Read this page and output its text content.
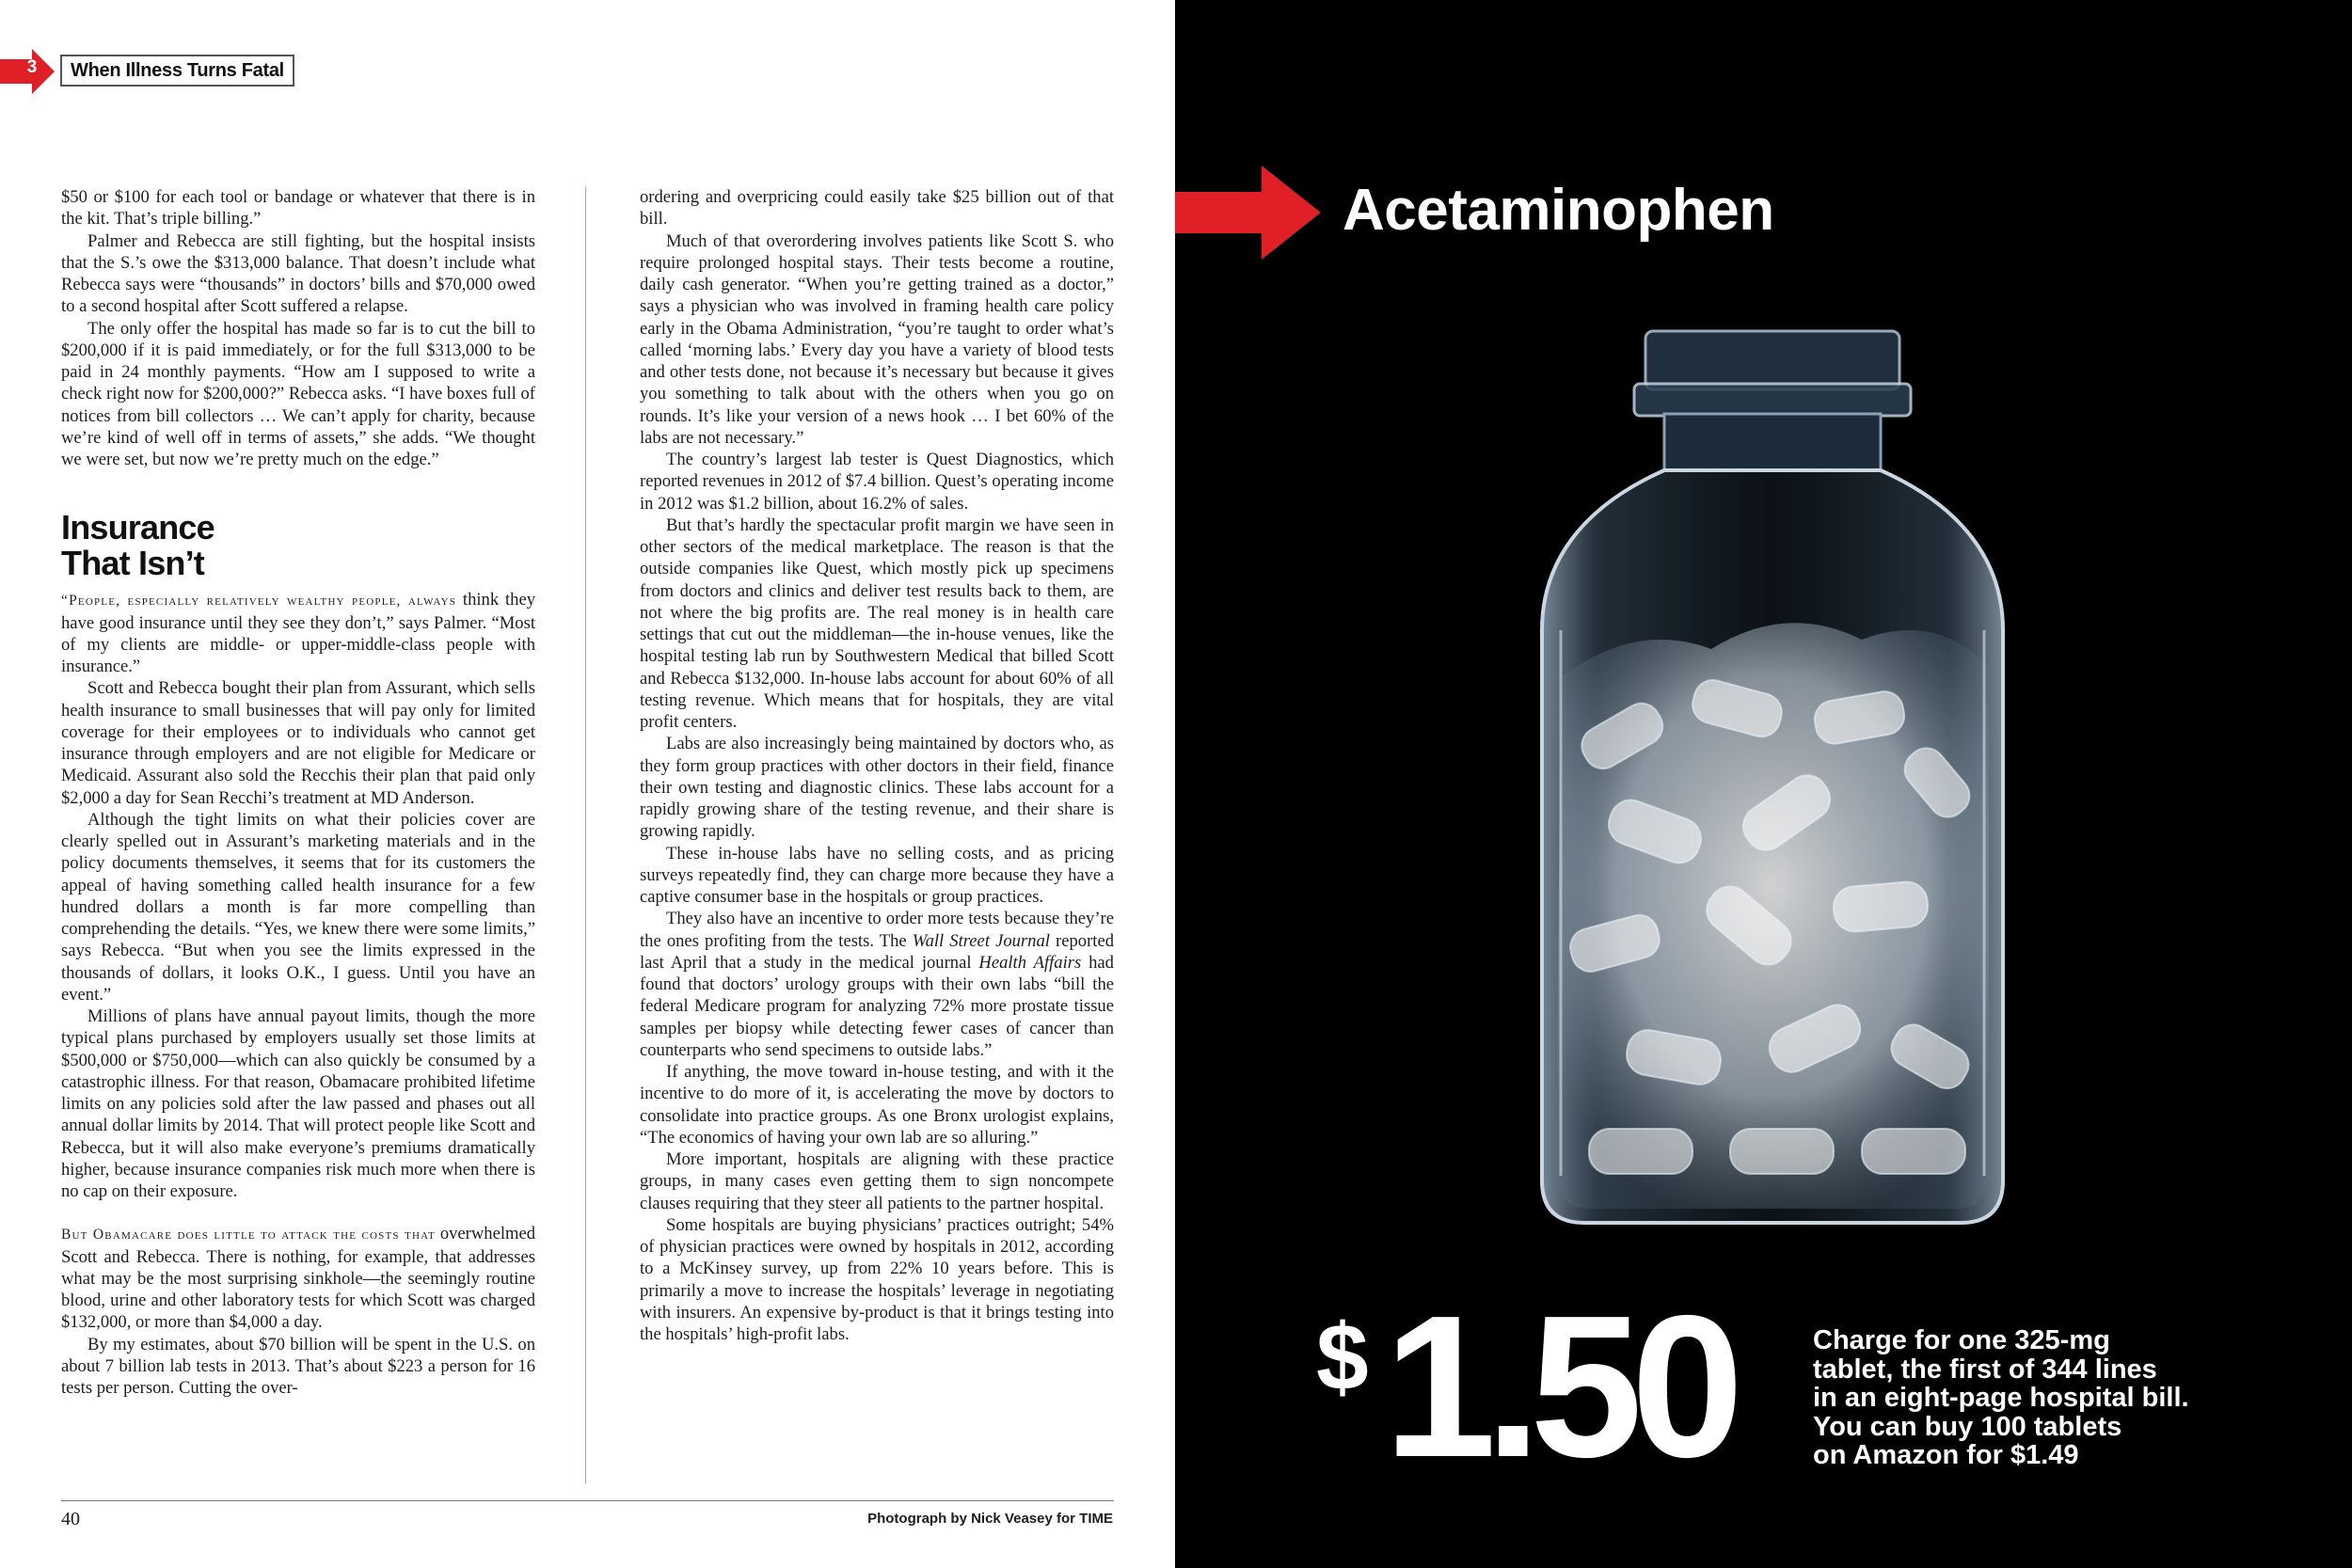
3	When Illness Turns Fatal

$50 or $100 for each tool or bandage or whatever that there is in the kit. That’s triple billing.”

Palmer and Rebecca are still fighting, but the hospital insists that the S.’s owe the $313,000 balance. That doesn’t include what Rebecca says were “thousands” in doctors’ bills and $70,000 owed to a second hospital after Scott suffered a relapse.

The only offer the hospital has made so far is to cut the bill to $200,000 if it is paid immediately, or for the full $313,000 to be paid in 24 monthly payments. “How am I supposed to write a check right now for $200,000?” Rebecca asks. “I have boxes full of notices from bill collectors … We can’t apply for charity, because we’re kind of well off in terms of assets,” she adds. “We thought we were set, but now we’re pretty much on the edge.”

Insurance
That Isn’t

“People, especially relatively wealthy people, always think they have good insurance until they see they don’t,” says Palmer. “Most of my clients are middle- or upper-middle-class people with insurance.”

Scott and Rebecca bought their plan from Assurant, which sells health insurance to small businesses that will pay only for limited coverage for their employees or to individuals who cannot get insurance through employers and are not eligible for Medicare or Medicaid. Assurant also sold the Recchis their plan that paid only $2,000 a day for Sean Recchi’s treatment at MD Anderson.

Although the tight limits on what their policies cover are clearly spelled out in Assurant’s marketing materials and in the policy documents themselves, it seems that for its customers the appeal of having something called health insurance for a few hundred dollars a month is far more compelling than comprehending the details. “Yes, we knew there were some limits,” says Rebecca. “But when you see the limits expressed in the thousands of dollars, it looks O.K., I guess. Until you have an event.”

Millions of plans have annual payout limits, though the more typical plans purchased by employers usually set those limits at $500,000 or $750,000—which can also quickly be consumed by a catastrophic illness. For that reason, Obamacare prohibited lifetime limits on any policies sold after the law passed and phases out all annual dollar limits by 2014. That will protect people like Scott and Rebecca, but it will also make everyone’s premiums dramatically higher, because insurance companies risk much more when there is no cap on their exposure.

But Obamacare does little to attack the costs that overwhelmed Scott and Rebecca. There is nothing, for example, that addresses what may be the most surprising sinkhole—the seemingly routine blood, urine and other laboratory tests for which Scott was charged $132,000, or more than $4,000 a day.

By my estimates, about $70 billion will be spent in the U.S. on about 7 billion lab tests in 2013. That’s about $223 a person for 16 tests per person. Cutting the over-

ordering and overpricing could easily take $25 billion out of that bill.

Much of that overordering involves patients like Scott S. who require prolonged hospital stays. Their tests become a routine, daily cash generator. “When you’re getting trained as a doctor,” says a physician who was involved in framing health care policy early in the Obama Administration, “you’re taught to order what’s called ‘morning labs.’ Every day you have a variety of blood tests and other tests done, not because it’s necessary but because it gives you something to talk about with the others when you go on rounds. It’s like your version of a news hook … I bet 60% of the labs are not necessary.”

The country’s largest lab tester is Quest Diagnostics, which reported revenues in 2012 of $7.4 billion. Quest’s operating income in 2012 was $1.2 billion, about 16.2% of sales.

But that’s hardly the spectacular profit margin we have seen in other sectors of the medical marketplace. The reason is that the outside companies like Quest, which mostly pick up specimens from doctors and clinics and deliver test results back to them, are not where the big profits are. The real money is in health care settings that cut out the middleman—the in-house venues, like the hospital testing lab run by Southwestern Medical that billed Scott and Rebecca $132,000. In-house labs account for about 60% of all testing revenue. Which means that for hospitals, they are vital profit centers.

Labs are also increasingly being maintained by doctors who, as they form group practices with other doctors in their field, finance their own testing and diagnostic clinics. These labs account for a rapidly growing share of the testing revenue, and their share is growing rapidly.

These in-house labs have no selling costs, and as pricing surveys repeatedly find, they can charge more because they have a captive consumer base in the hospitals or group practices.

They also have an incentive to order more tests because they’re the ones profiting from the tests. The Wall Street Journal reported last April that a study in the medical journal Health Affairs had found that doctors’ urology groups with their own labs “bill the federal Medicare program for analyzing 72% more prostate tissue samples per biopsy while detecting fewer cases of cancer than counterparts who send specimens to outside labs.”

If anything, the move toward in-house testing, and with it the incentive to do more of it, is accelerating the move by doctors to consolidate into practice groups. As one Bronx urologist explains, “The economics of having your own lab are so alluring.”

More important, hospitals are aligning with these practice groups, in many cases even getting them to sign noncompete clauses requiring that they steer all patients to the partner hospital.

Some hospitals are buying physicians’ practices outright; 54% of physician practices were owned by hospitals in 2012, according to a McKinsey survey, up from 22% 10 years before. This is primarily a move to increase the hospitals’ leverage in negotiating with insurers. An expensive by-product is that it brings testing into the hospitals’ high-profit labs.

40	Photograph by Nick Veasey for TIME
Acetaminophen
$ 1.50	Charge for one 325-mg
tablet, the first of 344 lines
in an eight-page hospital bill.
You can buy 100 tablets
on Amazon for $1.49
